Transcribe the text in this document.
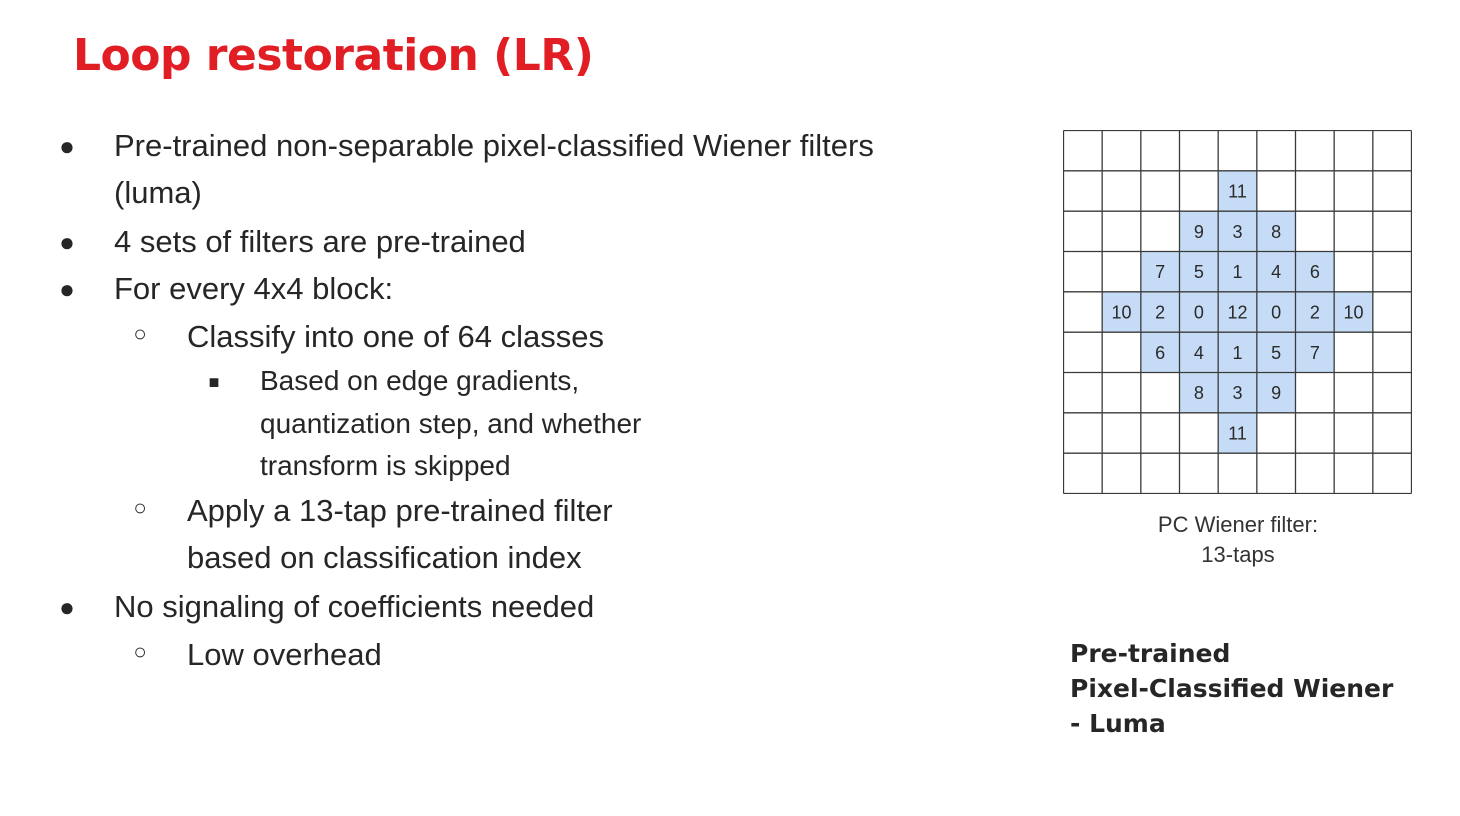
Loop restoration (LR)
● Pre-trained non-separable pixel-classified Wiener filters
(luma)
● 4 sets of filters are pre-trained
● For every 4x4 block:
○ Classify into one of 64 classes
■ Based on edge gradients,
quantization step, and whether
transform is skipped
○ Apply a 13-tap pre-trained filter
based on classification index
● No signaling of coefficients needed
○ Low overhead
11
9 3 8
7 5 1 4 6
10 2 0 12 0 2 10
6 4 1 5 7
8 3 9
11
PC Wiener filter:
13-taps
Pre-trained
Pixel-Classified Wiener
- Luma
